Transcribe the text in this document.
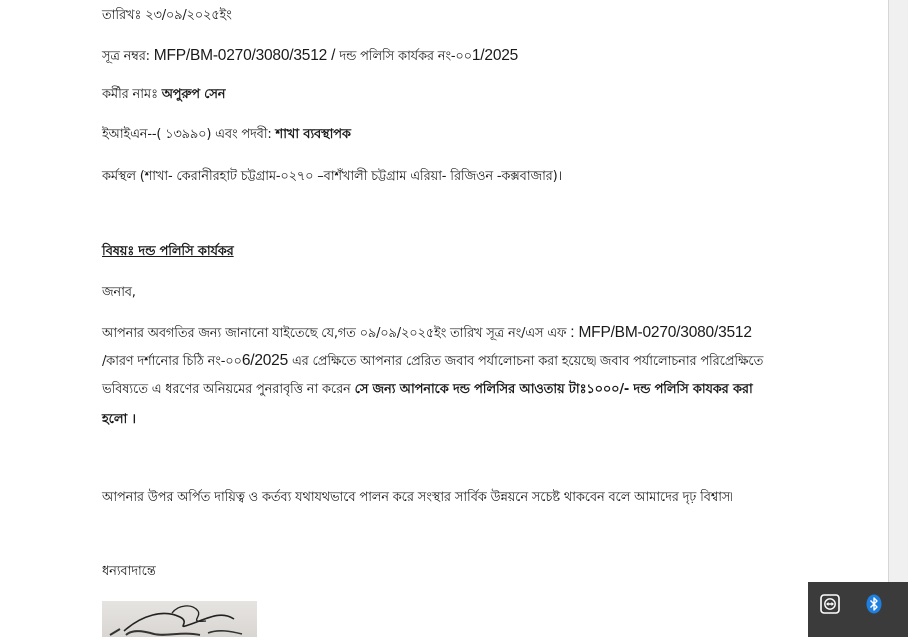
তারিখঃ ২৩/০৯/২০২৫ইং
সূত্র নম্বর: MFP/BM-0270/3080/3512 / দন্ড পলিসি কার্যকর নং-০০1/2025
কর্মীর নামঃ অপুরুপ সেন
ইআইএন--( ১৩৯৯০) এবং পদবী: শাখা ব্যবস্থাপক
কর্মস্থল (শাখা- কেরানীরহাট চট্টগ্রাম-০২৭০ –বাশঁখালী চট্টগ্রাম এরিয়া- রিজিওন -কক্সবাজার)।
বিষয়ঃ দন্ড পলিসি কার্যকর
জনাব,
আপনার অবগতির জন্য জানানো যাইতেছে যে,গত ০৯/০৯/২০২৫ইং তারিখ সূত্র নং/এস এফ : MFP/BM-0270/3080/3512
/কারণ দর্শানোর চিঠি নং-০০6/2025 এর প্রেক্ষিতে আপনার প্রেরিত জবাব পর্যালোচনা করা হয়েছে৷ জবাব পর্যালোচনার পরিপ্রেক্ষিতে
ভবিষ্যতে এ ধরণের অনিয়মের পুনরাবৃত্তি না করেন সে জন্য আপনাকে দন্ড পলিসির আওতায় টাঃ১০০০/- দন্ড পলিসি কাযকর করা
হলো ।
আপনার উপর অর্পিত দায়িত্ব ও কর্তব্য যথাযথভাবে পালন করে সংস্থার সার্বিক উন্নয়নে সচেষ্ট থাকবেন বলে আমাদের দৃঢ় বিশ্বাস৷
ধন্যবাদান্তে
